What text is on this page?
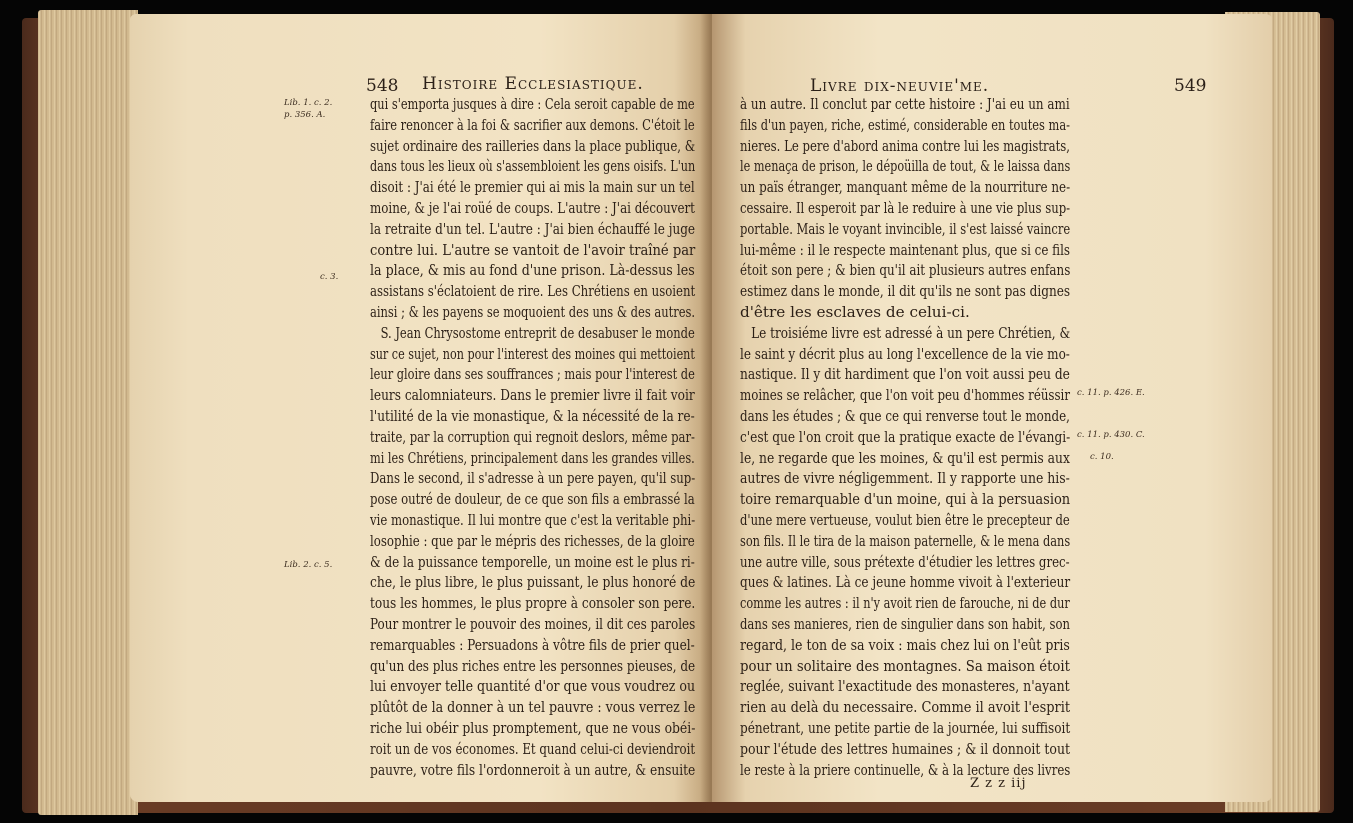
548 Histoire Ecclesiastique.
Lib. 1. c. 2.
p. 356. A.
c. 3.
Lib. 2. c. 5.
qui s'emporta jusques à dire : Cela seroit capable de me
faire renoncer à la foi & sacrifier aux demons. C'étoit le
sujet ordinaire des railleries dans la place publique, &
dans tous les lieux où s'assembloient les gens oisifs. L'un
disoit : J'ai été le premier qui ai mis la main sur un tel
moine, & je l'ai roüé de coups. L'autre : J'ai découvert
la retraite d'un tel. L'autre : J'ai bien échauffé le juge
contre lui. L'autre se vantoit de l'avoir traîné par
la place, & mis au fond d'une prison. Là-dessus les
assistans s'éclatoient de rire. Les Chrétiens en usoient
ainsi ; & les payens se moquoient des uns & des autres.
S. Jean Chrysostome entreprit de desabuser le monde
sur ce sujet, non pour l'interest des moines qui mettoient
leur gloire dans ses souffrances ; mais pour l'interest de
leurs calomniateurs. Dans le premier livre il fait voir
l'utilité de la vie monastique, & la nécessité de la re-
traite, par la corruption qui regnoit deslors, même par-
mi les Chrétiens, principalement dans les grandes villes.
Dans le second, il s'adresse à un pere payen, qu'il sup-
pose outré de douleur, de ce que son fils a embrassé la
vie monastique. Il lui montre que c'est la veritable phi-
losophie : que par le mépris des richesses, de la gloire
& de la puissance temporelle, un moine est le plus ri-
che, le plus libre, le plus puissant, le plus honoré de
tous les hommes, le plus propre à consoler son pere.
Pour montrer le pouvoir des moines, il dit ces paroles
remarquables : Persuadons à vôtre fils de prier quel-
qu'un des plus riches entre les personnes pieuses, de
lui envoyer telle quantité d'or que vous voudrez ou
plûtôt de la donner à un tel pauvre : vous verrez le
riche lui obéir plus promptement, que ne vous obéi-
roit un de vos économes. Et quand celui-ci deviendroit
pauvre, votre fils l'ordonneroit à un autre, & ensuite
Livre dix-neuvie'me.	549
à un autre. Il conclut par cette histoire : J'ai eu un ami
fils d'un payen, riche, estimé, considerable en toutes ma-
nieres. Le pere d'abord anima contre lui les magistrats,
le menaça de prison, le dépoüilla de tout, & le laissa dans
un païs étranger, manquant même de la nourriture ne-
cessaire. Il esperoit par là le reduire à une vie plus sup-
portable. Mais le voyant invincible, il s'est laissé vaincre
lui-même : il le respecte maintenant plus, que si ce fils
étoit son pere ; & bien qu'il ait plusieurs autres enfans
estimez dans le monde, il dit qu'ils ne sont pas dignes
d'être les esclaves de celui-ci.
Le troisiéme livre est adressé à un pere Chrétien, &
le saint y décrit plus au long l'excellence de la vie mo-
nastique. Il y dit hardiment que l'on voit aussi peu de
moines se relâcher, que l'on voit peu d'hommes réüssir
dans les études ; & que ce qui renverse tout le monde,
c'est que l'on croit que la pratique exacte de l'évangi-
le, ne regarde que les moines, & qu'il est permis aux
autres de vivre négligemment. Il y rapporte une his-
toire remarquable d'un moine, qui à la persuasion
d'une mere vertueuse, voulut bien être le precepteur de
son fils. Il le tira de la maison paternelle, & le mena dans
une autre ville, sous prétexte d'étudier les lettres grec-
ques & latines. Là ce jeune homme vivoit à l'exterieur
comme les autres : il n'y avoit rien de farouche, ni de dur
dans ses manieres, rien de singulier dans son habit, son
regard, le ton de sa voix : mais chez lui on l'eût pris
pour un solitaire des montagnes. Sa maison étoit
reglée, suivant l'exactitude des monasteres, n'ayant
rien au delà du necessaire. Comme il avoit l'esprit
pénetrant, une petite partie de la journée, lui suffisoit
pour l'étude des lettres humaines ; & il donnoit tout
le reste à la priere continuelle, & à la lecture des livres
c. 11. p. 426. E.
c. 11. p. 430. C.
c. 10.
Z z z iij
